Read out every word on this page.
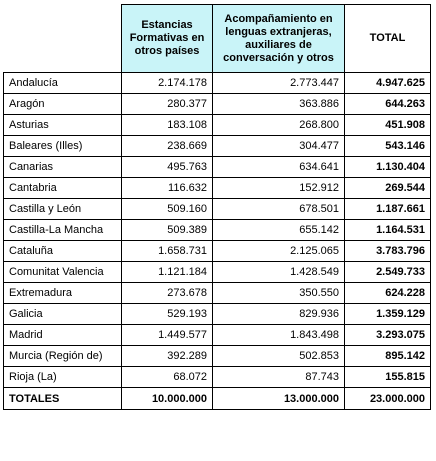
	Estancias Formativas en otros países	Acompañamiento en lenguas extranjeras, auxiliares de conversación y otros	TOTAL
Andalucía	2.174.178	2.773.447	4.947.625
Aragón	280.377	363.886	644.263
Asturias	183.108	268.800	451.908
Baleares (Illes)	238.669	304.477	543.146
Canarias	495.763	634.641	1.130.404
Cantabria	116.632	152.912	269.544
Castilla y León	509.160	678.501	1.187.661
Castilla-La Mancha	509.389	655.142	1.164.531
Cataluña	1.658.731	2.125.065	3.783.796
Comunitat Valencia	1.121.184	1.428.549	2.549.733
Extremadura	273.678	350.550	624.228
Galicia	529.193	829.936	1.359.129
Madrid	1.449.577	1.843.498	3.293.075
Murcia (Región de)	392.289	502.853	895.142
Rioja (La)	68.072	87.743	155.815
TOTALES	10.000.000	13.000.000	23.000.000
